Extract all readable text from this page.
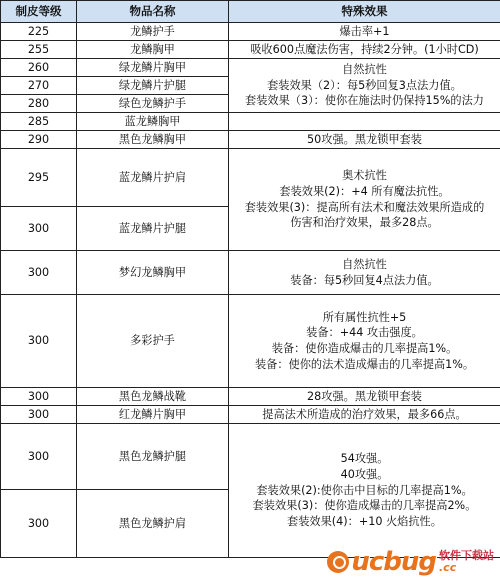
制皮等级	物品名称	特殊效果
225	龙鳞护手	爆击率+1

255	龙鳞胸甲	吸收600点魔法伤害，持续2分钟。(1小时CD)

260	绿龙鳞片胸甲	自然抗性
套装效果（2）：每5秒回复3点法力值。
套装效果（3）：使你在施法时仍保持15%的法力

270	绿龙鳞片护腿	
280	绿色龙鳞护手	
285	蓝龙鳞胸甲	
290	黑色龙鳞胸甲	50攻强。黑龙锁甲套装

295	蓝龙鳞片护肩	奥术抗性
套装效果(2)：+4 所有魔法抗性。
套装效果(3)：提高所有法术和魔法效果所造成的
伤害和治疗效果，最多28点。

300	蓝龙鳞片护腿	
300	梦幻龙鳞胸甲	自然抗性
装备：每5秒回复4点法力值。

300	多彩护手	所有属性抗性+5
装备：+44 攻击强度。
装备：使你造成爆击的几率提高1%。
装备：使你的法术造成爆击的几率提高1%。

300	黑色龙鳞战靴	28攻强。黑龙锁甲套装

300	红龙鳞片胸甲	提高法术所造成的治疗效果，最多66点。

300	黑色龙鳞护腿	54攻强。
40攻强。
套装效果(2):使你击中目标的几率提高1%。
套装效果(3)：使你造成爆击的几率提高2%。
套装效果(4)：+10 火焰抗性。

300	黑色龙鳞护肩	
ucbug 软件下载站
.cc
